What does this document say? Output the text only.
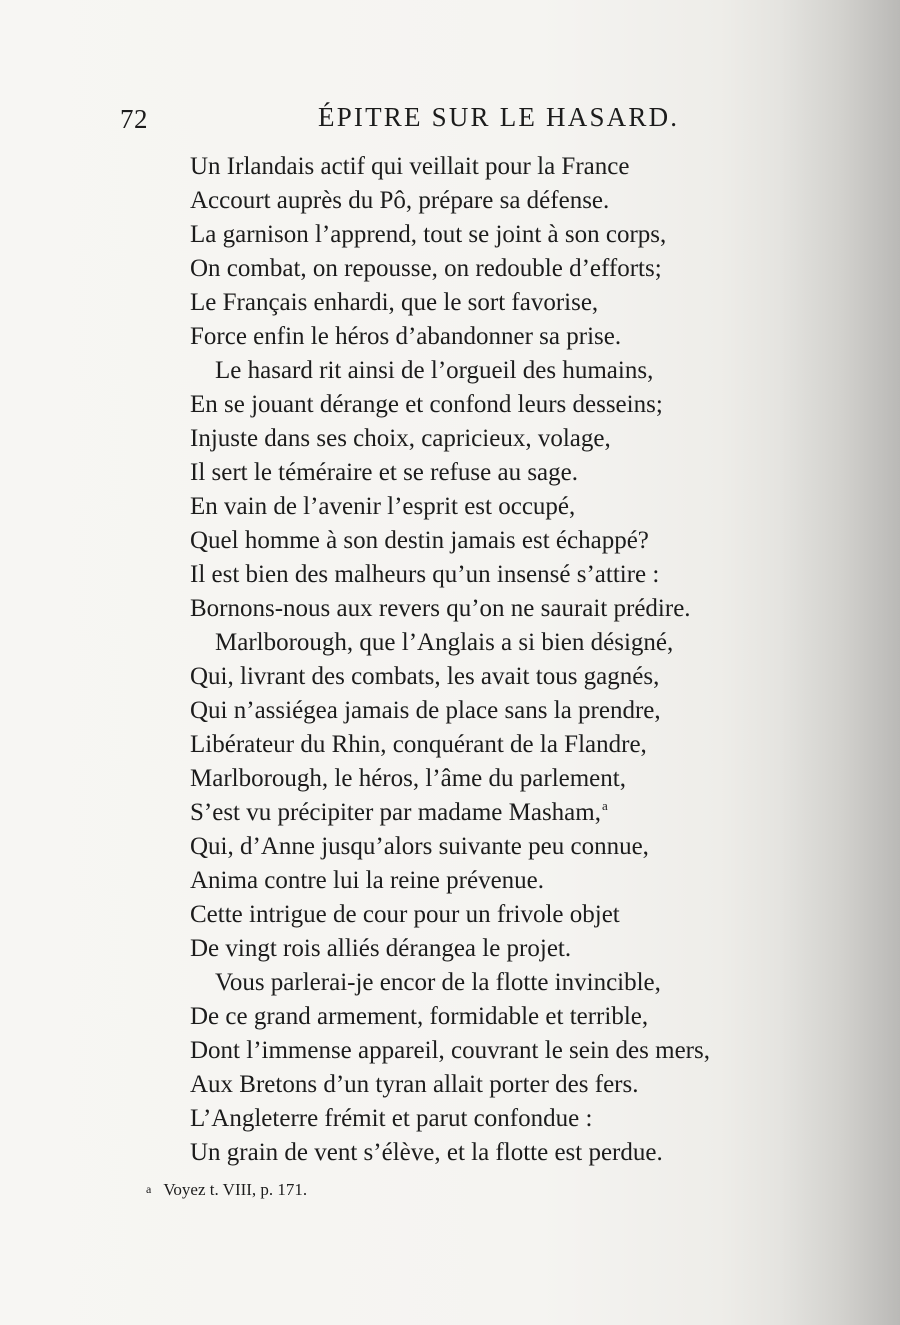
72	ÉPITRE SUR LE HASARD.
Un Irlandais actif qui veillait pour la France
Accourt auprès du Pô, prépare sa défense.
La garnison l’apprend, tout se joint à son corps,
On combat, on repousse, on redouble d’efforts;
Le Français enhardi, que le sort favorise,
Force enfin le héros d’abandonner sa prise.
Le hasard rit ainsi de l’orgueil des humains,
En se jouant dérange et confond leurs desseins;
Injuste dans ses choix, capricieux, volage,
Il sert le téméraire et se refuse au sage.
En vain de l’avenir l’esprit est occupé,
Quel homme à son destin jamais est échappé?
Il est bien des malheurs qu’un insensé s’attire :
Bornons-nous aux revers qu’on ne saurait prédire.
Marlborough, que l’Anglais a si bien désigné,
Qui, livrant des combats, les avait tous gagnés,
Qui n’assiégea jamais de place sans la prendre,
Libérateur du Rhin, conquérant de la Flandre,
Marlborough, le héros, l’âme du parlement,
S’est vu précipiter par madame Masham,$^a$
Qui, d’Anne jusqu’alors suivante peu connue,
Anima contre lui la reine prévenue.
Cette intrigue de cour pour un frivole objet
De vingt rois alliés dérangea le projet.
Vous parlerai-je encor de la flotte invincible,
De ce grand armement, formidable et terrible,
Dont l’immense appareil, couvrant le sein des mers,
Aux Bretons d’un tyran allait porter des fers.
L’Angleterre frémit et parut confondue :
Un grain de vent s’élève, et la flotte est perdue.
a Voyez t. VIII, p. 171.
